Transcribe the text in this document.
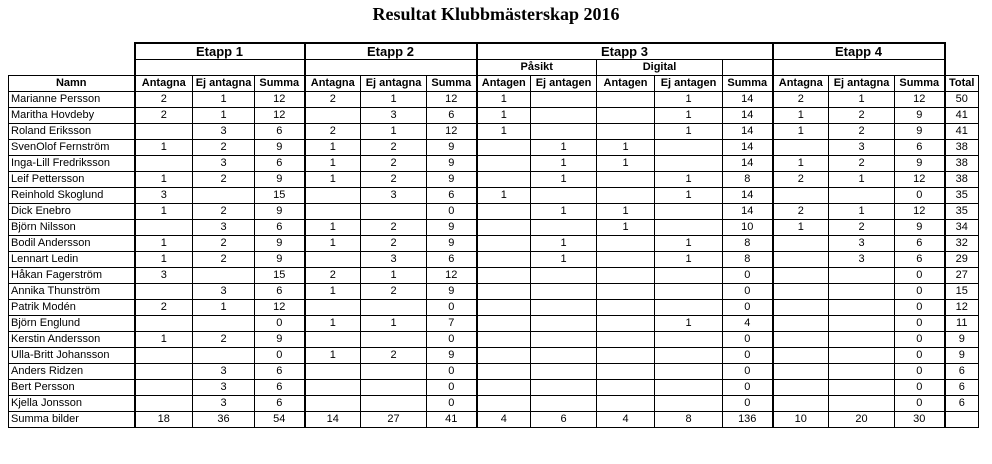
Resultat Klubbmästerskap 2016
	Etapp 1			Etapp 2			Etapp 3					Etapp 4			
							Påsikt		Digital						
Namn	Antagna	Ej antagna	Summa	Antagna	Ej antagna	Summa	Antagen	Ej antagen	Antagen	Ej antagen	Summa	Antagna	Ej antagna	Summa	Total
Marianne Persson	2	1	12	2	1	12	1			1	14	2	1	12	50
Maritha Hovdeby	2	1	12		3	6	1			1	14	1	2	9	41
Roland Eriksson		3	6	2	1	12	1			1	14	1	2	9	41
SvenOlof Fernström	1	2	9	1	2	9		1	1		14		3	6	38
Inga-Lill Fredriksson		3	6	1	2	9		1	1		14	1	2	9	38
Leif Pettersson	1	2	9	1	2	9		1		1	8	2	1	12	38
Reinhold Skoglund	3		15		3	6	1			1	14			0	35
Dick Enebro	1	2	9			0		1	1		14	2	1	12	35
Björn Nilsson		3	6	1	2	9			1		10	1	2	9	34
Bodil Andersson	1	2	9	1	2	9		1		1	8		3	6	32
Lennart Ledin	1	2	9		3	6		1		1	8		3	6	29
Håkan Fagerström	3		15	2	1	12					0			0	27
Annika Thunström		3	6	1	2	9					0			0	15
Patrik Modén	2	1	12			0					0			0	12
Björn Englund			0	1	1	7				1	4			0	11
Kerstin Andersson	1	2	9			0					0			0	9
Ulla-Britt Johansson			0	1	2	9					0			0	9
Anders Ridzen		3	6			0					0			0	6
Bert Persson		3	6			0					0			0	6
Kjella Jonsson		3	6			0					0			0	6
Summa bilder	18	36	54	14	27	41	4	6	4	8	136	10	20	30	
